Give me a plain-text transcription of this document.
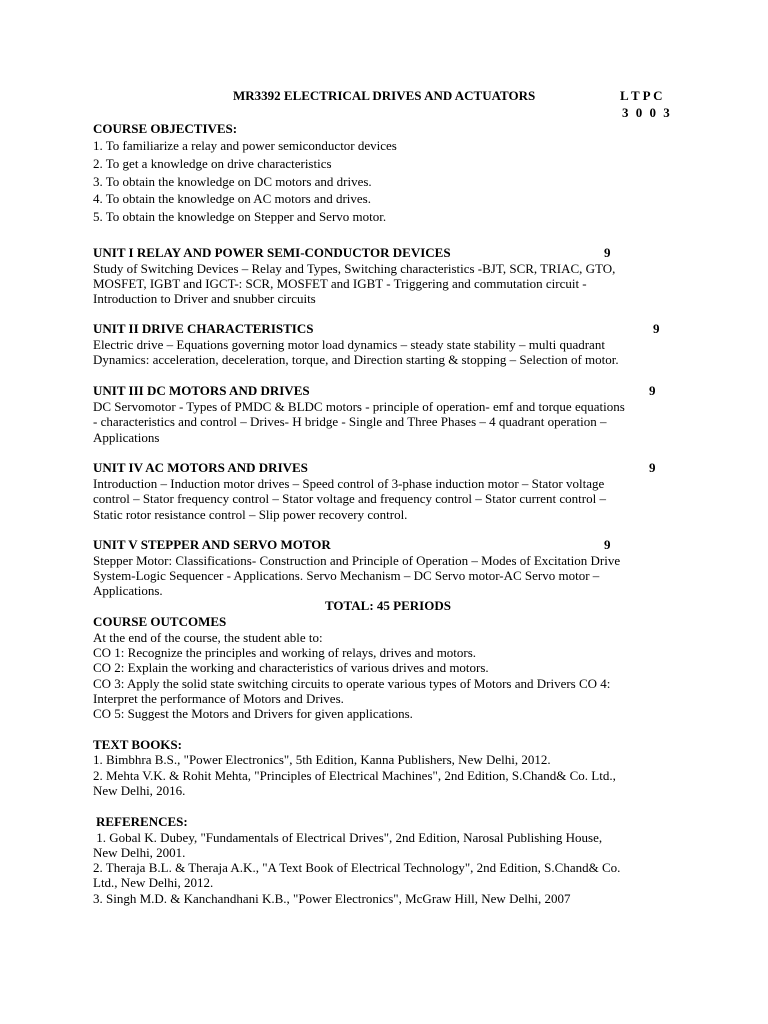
MR3392 ELECTRICAL DRIVES AND ACTUATORS	L T P C
3 0 0 3
COURSE OBJECTIVES:
1. To familiarize a relay and power semiconductor devices
2. To get a knowledge on drive characteristics
3. To obtain the knowledge on DC motors and drives.
4. To obtain the knowledge on AC motors and drives.
5. To obtain the knowledge on Stepper and Servo motor.
UNIT I RELAY AND POWER SEMI-CONDUCTOR DEVICES	9
Study of Switching Devices – Relay and Types, Switching characteristics -BJT, SCR, TRIAC, GTO,
MOSFET, IGBT and IGCT-: SCR, MOSFET and IGBT - Triggering and commutation circuit -
Introduction to Driver and snubber circuits
UNIT II DRIVE CHARACTERISTICS	9
Electric drive – Equations governing motor load dynamics – steady state stability – multi quadrant
Dynamics: acceleration, deceleration, torque, and Direction starting & stopping – Selection of motor.
UNIT III DC MOTORS AND DRIVES	9
DC Servomotor - Types of PMDC & BLDC motors - principle of operation- emf and torque equations
- characteristics and control – Drives- H bridge - Single and Three Phases – 4 quadrant operation –
Applications
UNIT IV AC MOTORS AND DRIVES	9
Introduction – Induction motor drives – Speed control of 3-phase induction motor – Stator voltage
control – Stator frequency control – Stator voltage and frequency control – Stator current control –
Static rotor resistance control – Slip power recovery control.
UNIT V STEPPER AND SERVO MOTOR	9
Stepper Motor: Classifications- Construction and Principle of Operation – Modes of Excitation Drive
System-Logic Sequencer - Applications. Servo Mechanism – DC Servo motor-AC Servo motor –
Applications.
TOTAL: 45 PERIODS
COURSE OUTCOMES
At the end of the course, the student able to:
CO 1: Recognize the principles and working of relays, drives and motors.
CO 2: Explain the working and characteristics of various drives and motors.
CO 3: Apply the solid state switching circuits to operate various types of Motors and Drivers CO 4:
Interpret the performance of Motors and Drives.
CO 5: Suggest the Motors and Drivers for given applications.
TEXT BOOKS:
1. Bimbhra B.S., "Power Electronics", 5th Edition, Kanna Publishers, New Delhi, 2012.
2. Mehta V.K. & Rohit Mehta, "Principles of Electrical Machines", 2nd Edition, S.Chand& Co. Ltd.,
New Delhi, 2016.
REFERENCES:
1. Gobal K. Dubey, "Fundamentals of Electrical Drives", 2nd Edition, Narosal Publishing House,
New Delhi, 2001.
2. Theraja B.L. & Theraja A.K., "A Text Book of Electrical Technology", 2nd Edition, S.Chand& Co.
Ltd., New Delhi, 2012.
3. Singh M.D. & Kanchandhani K.B., "Power Electronics", McGraw Hill, New Delhi, 2007
